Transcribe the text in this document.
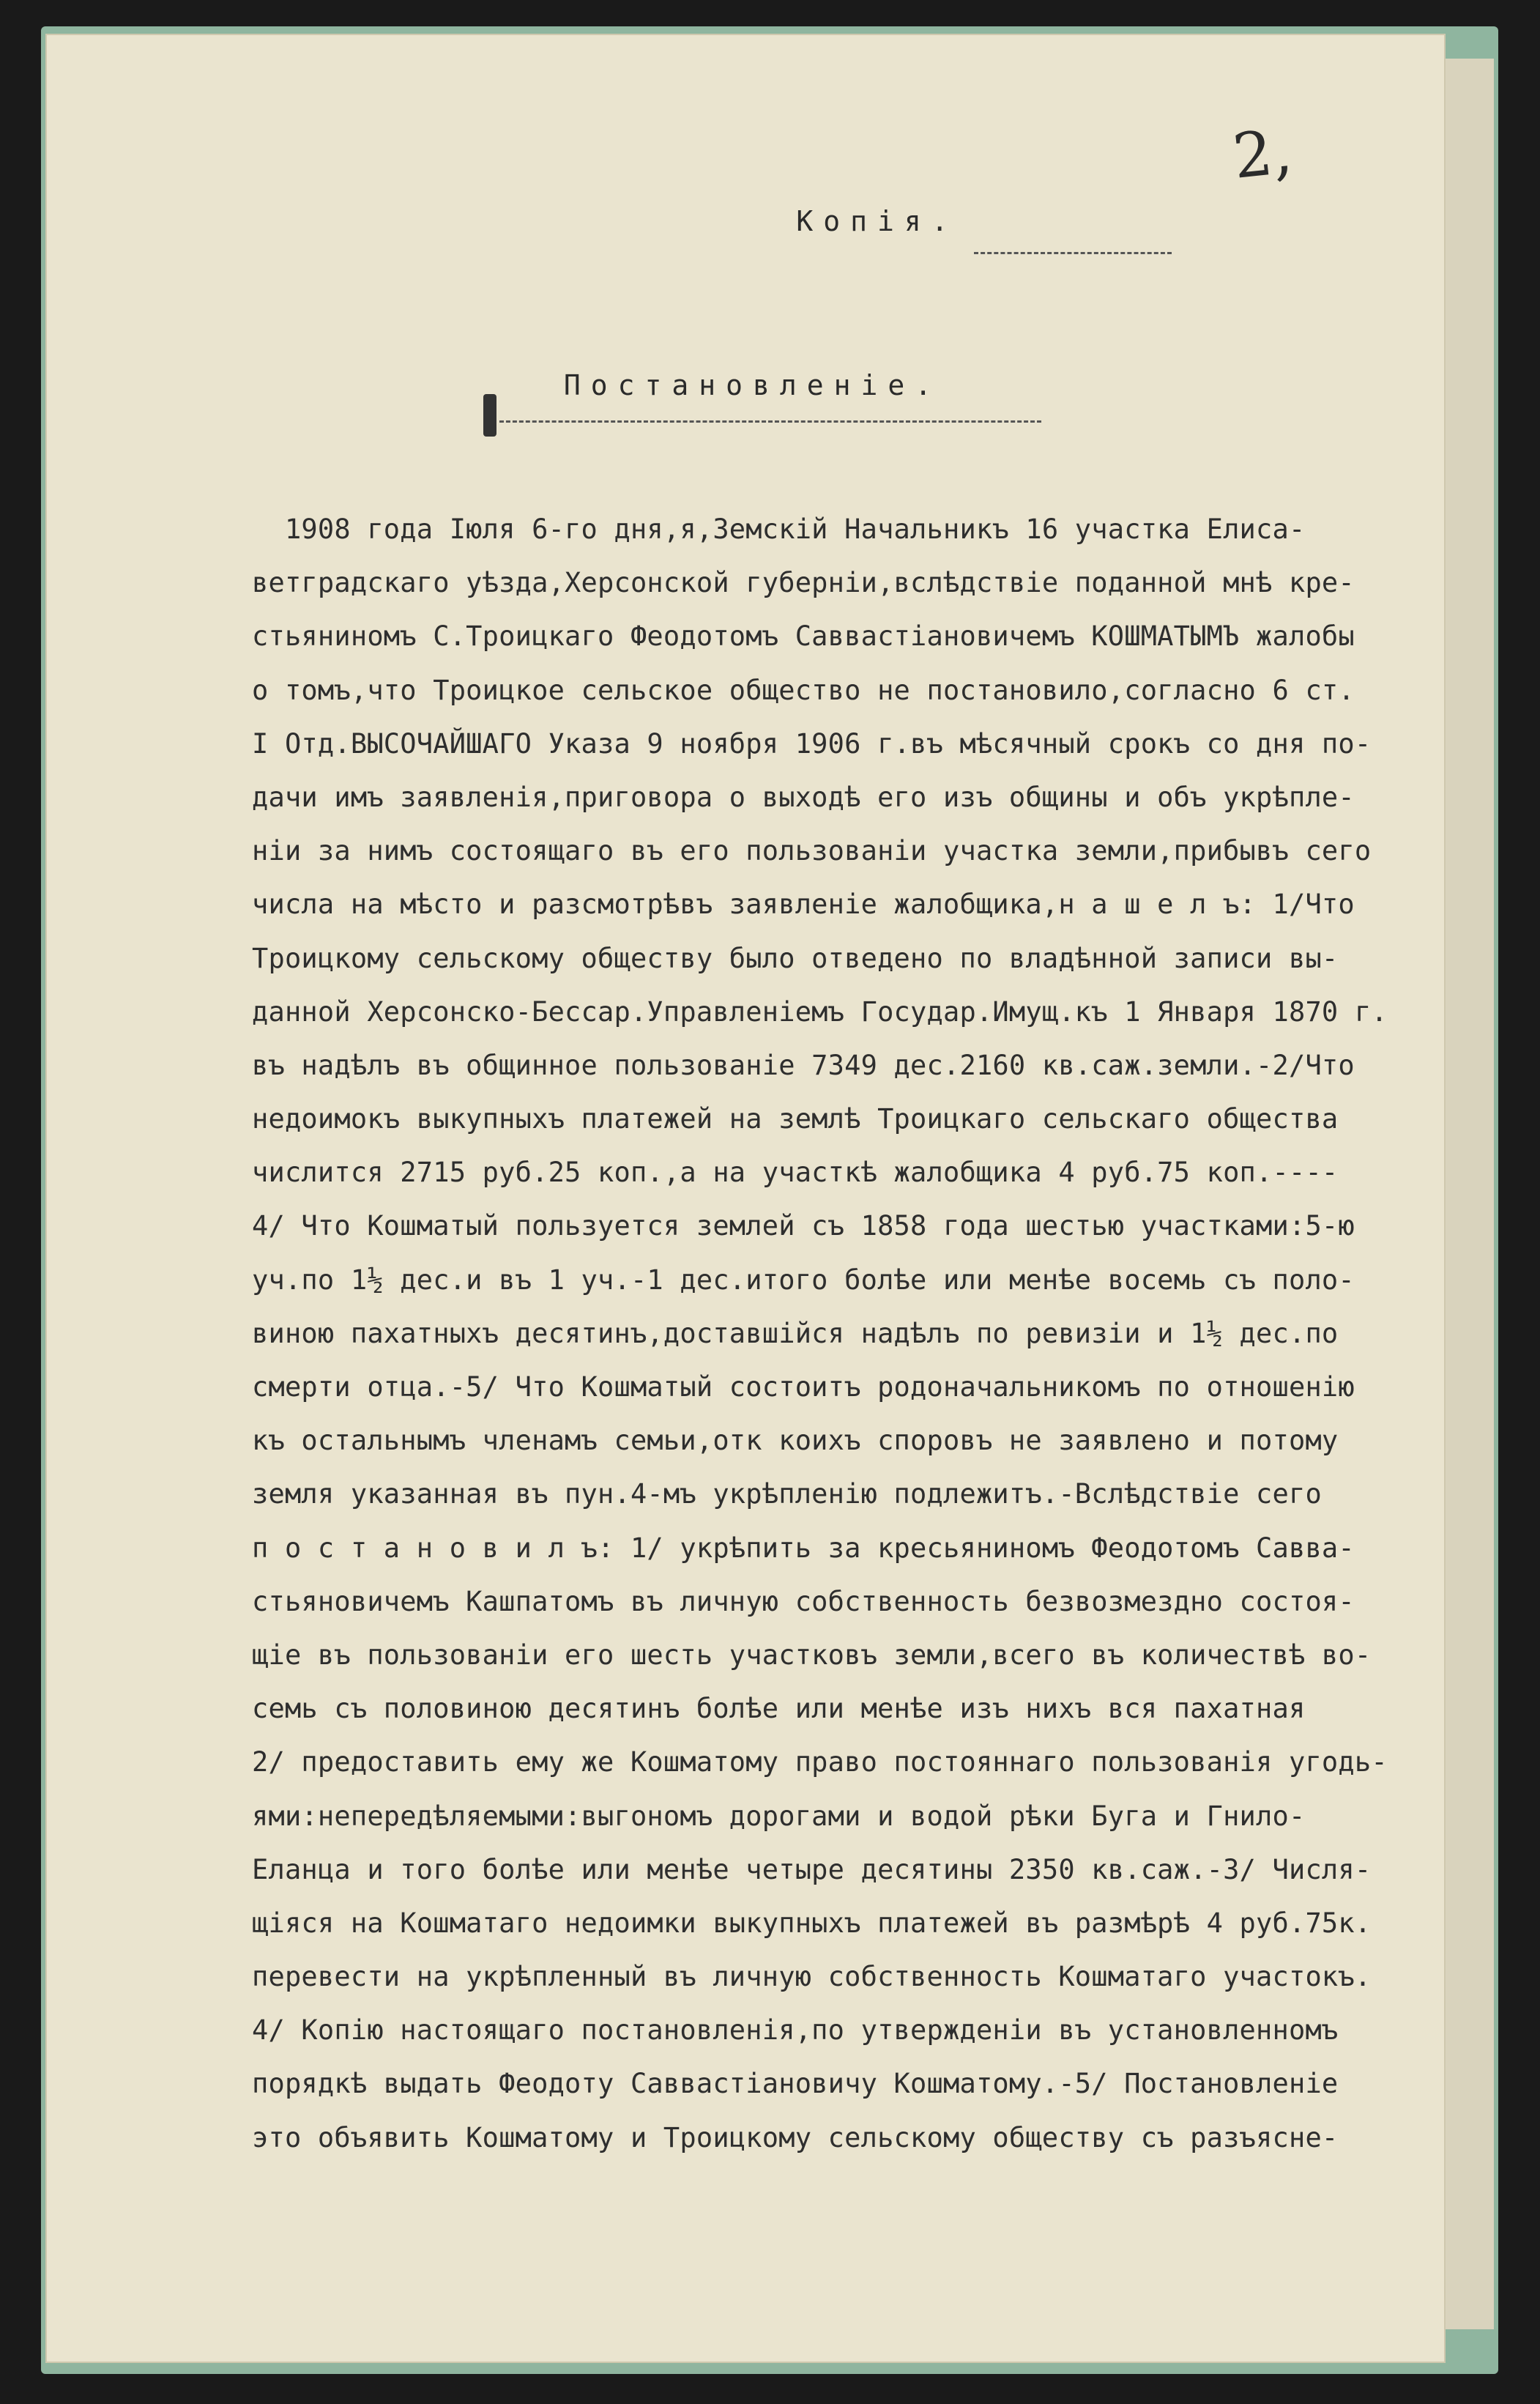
2,
Копія.
Постановленіе.
1908 года Іюля 6-го дня,я,Земскій Начальникъ 16 участка Елиса-
ветградскаго уѣзда,Херсонской губерніи,вслѣдствіе поданной мнѣ кре-
стьяниномъ С.Троицкаго Феодотомъ Саввастіановичемъ КОШМАТЫМЪ жалобы
о томъ,что Троицкое сельское общество не постановило,согласно 6 ст.
I Отд.ВЫСОЧАЙШАГО Указа 9 ноября 1906 г.въ мѣсячный срокъ со дня по-
дачи имъ заявленія,приговора о выходѣ его изъ общины и объ укрѣпле-
ніи за нимъ состоящаго въ его пользованіи участка земли,прибывъ сего
числа на мѣсто и разсмотрѣвъ заявленіе жалобщика,н а ш е л ъ: 1/Что
Троицкому сельскому обществу было отведено по владѣнной записи вы-
данной Херсонско-Бессар.Управленіемъ Государ.Имущ.къ 1 Января 1870 г.
въ надѣлъ въ общинное пользованіе 7349 дес.2160 кв.саж.земли.-2/Что
недоимокъ выкупныхъ платежей на землѣ Троицкаго сельскаго общества
числится 2715 руб.25 коп.,а на участкѣ жалобщика 4 руб.75 коп.----
4/ Что Кошматый пользуется землей съ 1858 года шестью участками:5-ю
уч.по 1½ дес.и въ 1 уч.-1 дес.итого болѣе или менѣе восемь съ поло-
виною пахатныхъ десятинъ,доставшійся надѣлъ по ревизіи и 1½ дес.по
смерти отца.-5/ Что Кошматый состоитъ родоначальникомъ по отношенію
къ остальнымъ членамъ семьи,отк коихъ споровъ не заявлено и потому
земля указанная въ пун.4-мъ укрѣпленію подлежитъ.-Вслѣдствіе сего
п о с т а н о в и л ъ: 1/ укрѣпить за кресьяниномъ Феодотомъ Савва-
стьяновичемъ Кашпатомъ въ личную собственность безвозмездно состоя-
щіе въ пользованіи его шесть участковъ земли,всего въ количествѣ во-
семь съ половиною десятинъ болѣе или менѣе изъ нихъ вся пахатная
2/ предоставить ему же Кошматому право постояннаго пользованія угодь-
ями:непередѣляемыми:выгономъ дорогами и водой рѣки Буга и Гнило-
Еланца и того болѣе или менѣе четыре десятины 2350 кв.саж.-3/ Числя-
щіяся на Кошматаго недоимки выкупныхъ платежей въ размѣрѣ 4 руб.75к.
перевести на укрѣпленный въ личную собственность Кошматаго участокъ.
4/ Копію настоящаго постановленія,по утвержденіи въ установленномъ
порядкѣ выдать Феодоту Саввастіановичу Кошматому.-5/ Постановленіе
это объявить Кошматому и Троицкому сельскому обществу съ разъясне-
